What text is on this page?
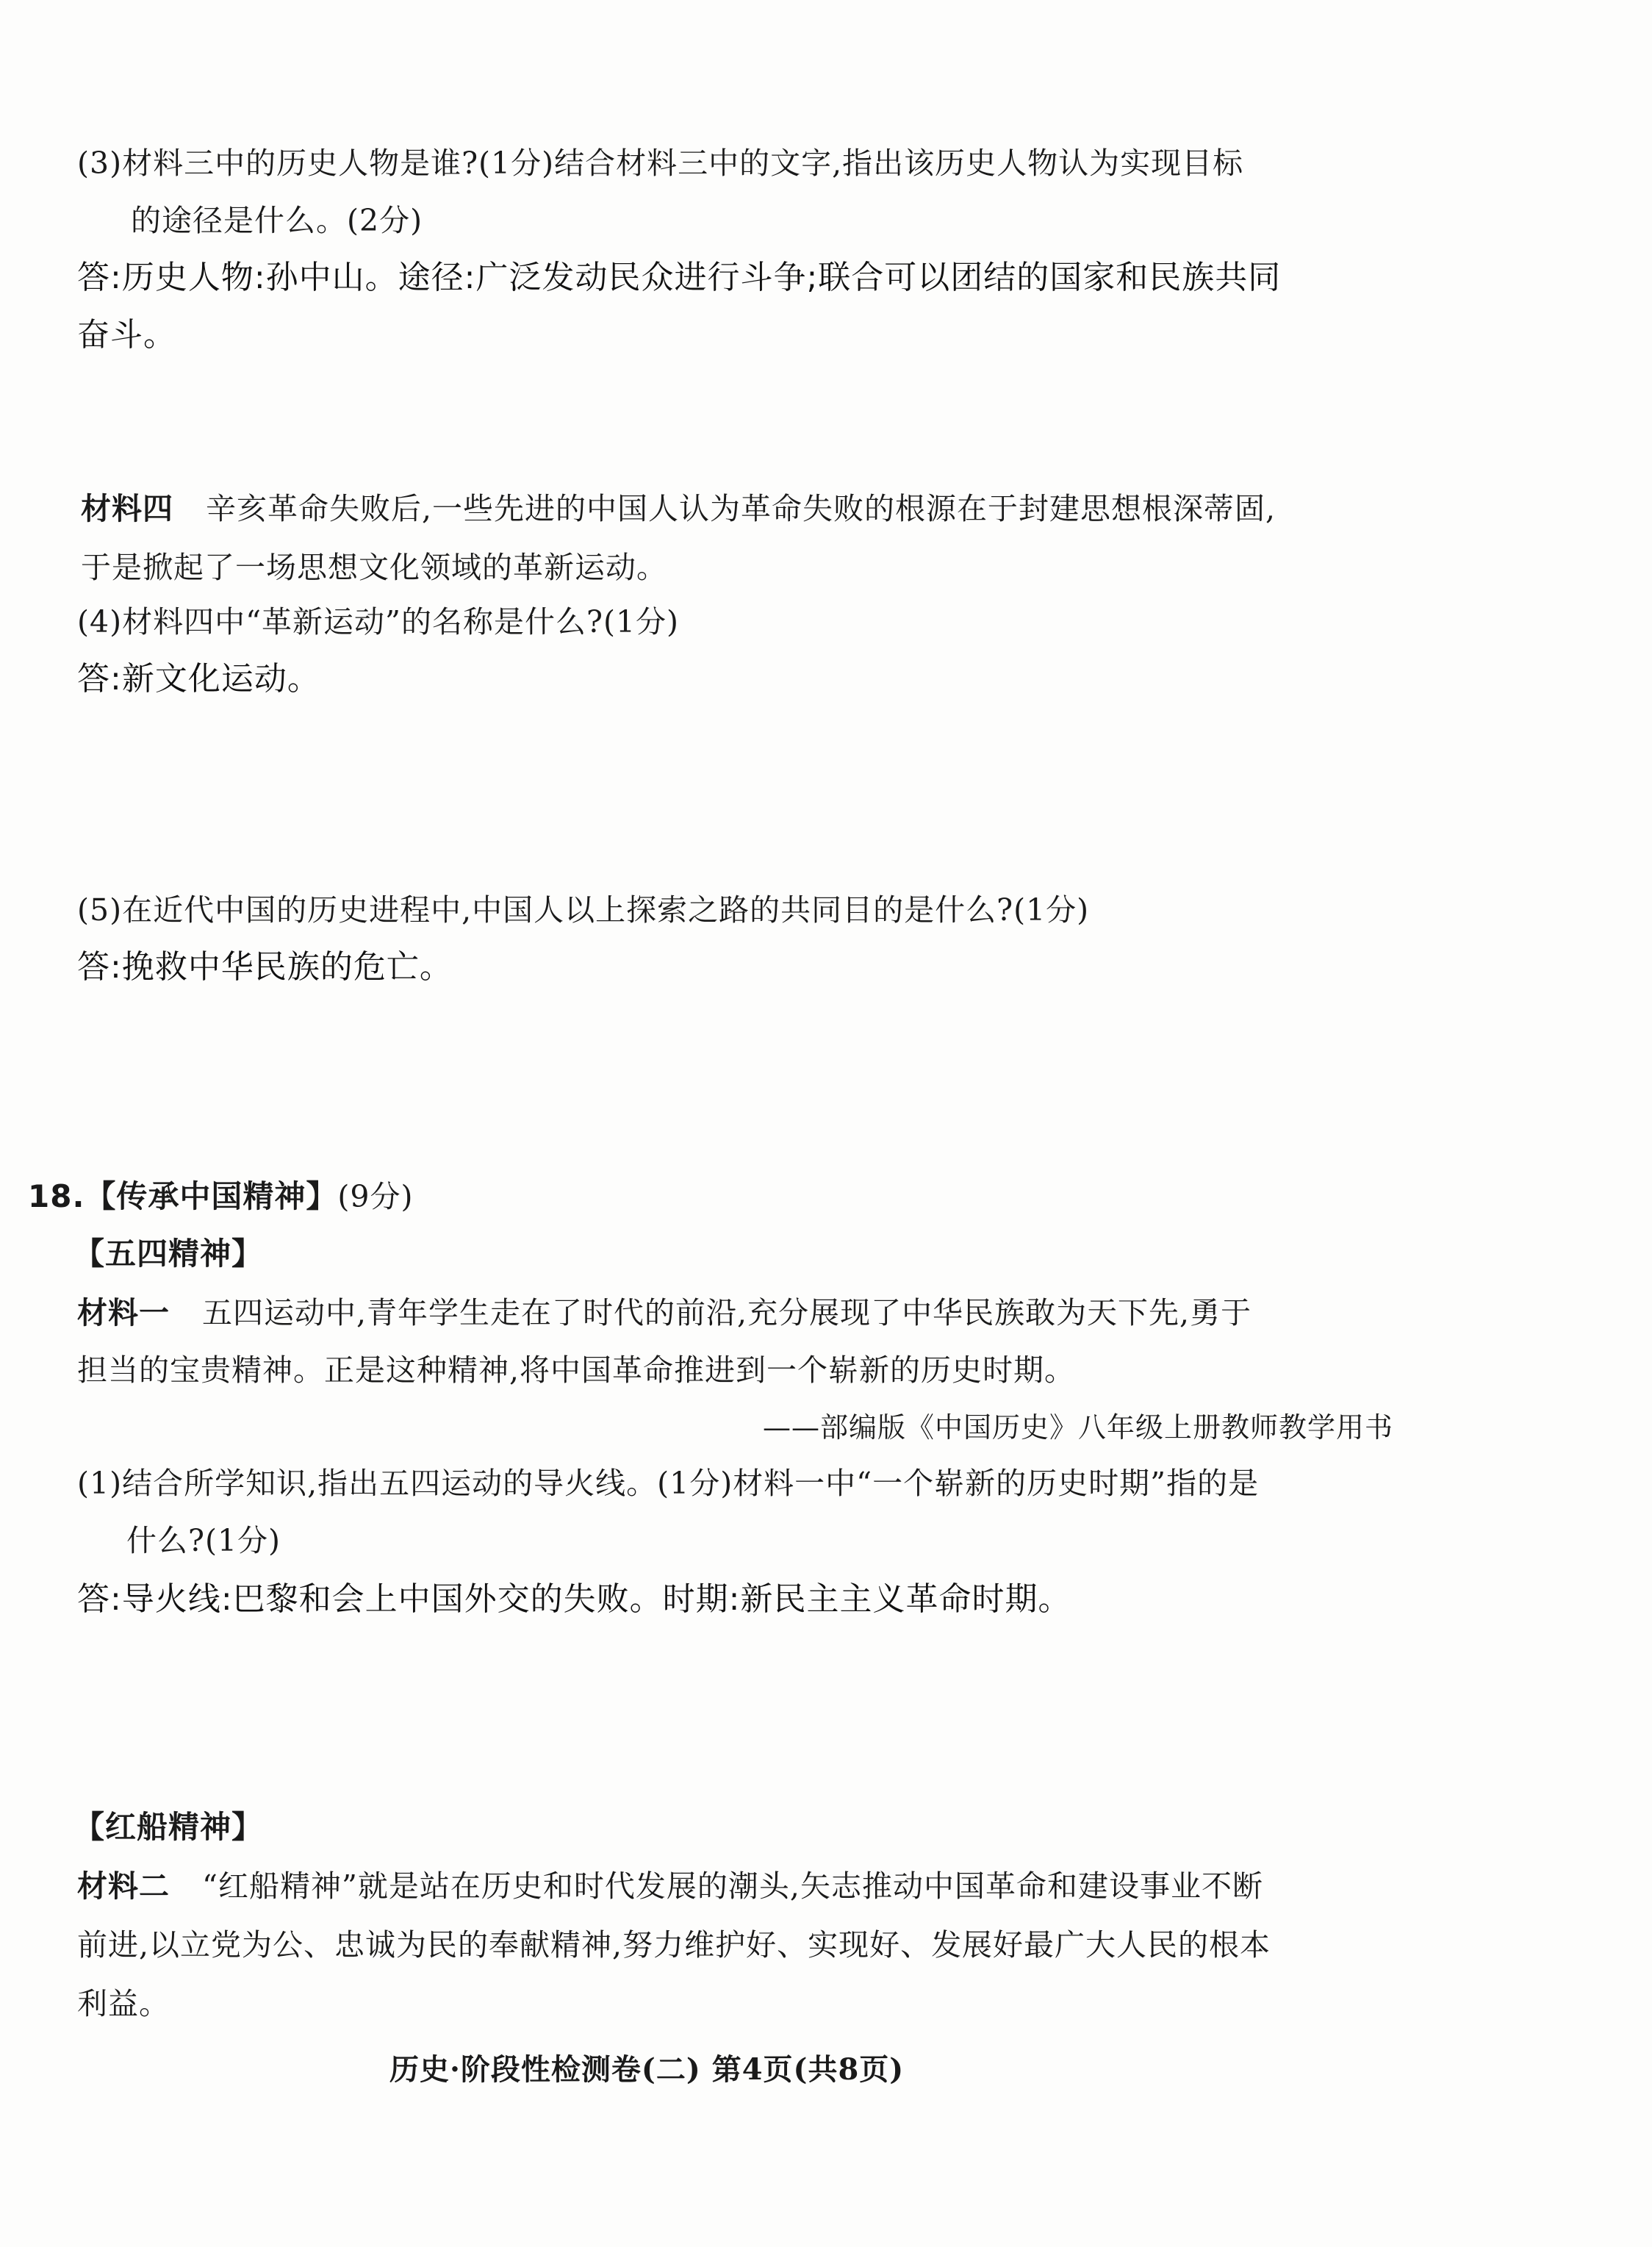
(3)材料三中的历史人物是谁?(1分)结合材料三中的文字,指出该历史人物认为实现目标
的途径是什么。(2分)
答:历史人物:孙中山。途径:广泛发动民众进行斗争;联合可以团结的国家和民族共同
奋斗。
材料四 辛亥革命失败后,一些先进的中国人认为革命失败的根源在于封建思想根深蒂固,
于是掀起了一场思想文化领域的革新运动。
(4)材料四中“革新运动”的名称是什么?(1分)
答:新文化运动。
(5)在近代中国的历史进程中,中国人以上探索之路的共同目的是什么?(1分)
答:挽救中华民族的危亡。
18.【传承中国精神】(9分)
【五四精神】
材料一 五四运动中,青年学生走在了时代的前沿,充分展现了中华民族敢为天下先,勇于
担当的宝贵精神。正是这种精神,将中国革命推进到一个崭新的历史时期。
——部编版《中国历史》八年级上册教师教学用书
(1)结合所学知识,指出五四运动的导火线。(1分)材料一中“一个崭新的历史时期”指的是
什么?(1分)
答:导火线:巴黎和会上中国外交的失败。时期:新民主主义革命时期。
【红船精神】
材料二 “红船精神”就是站在历史和时代发展的潮头,矢志推动中国革命和建设事业不断
前进,以立党为公、忠诚为民的奉献精神,努力维护好、实现好、发展好最广大人民的根本
利益。
历史·阶段性检测卷(二) 第4页(共8页)
